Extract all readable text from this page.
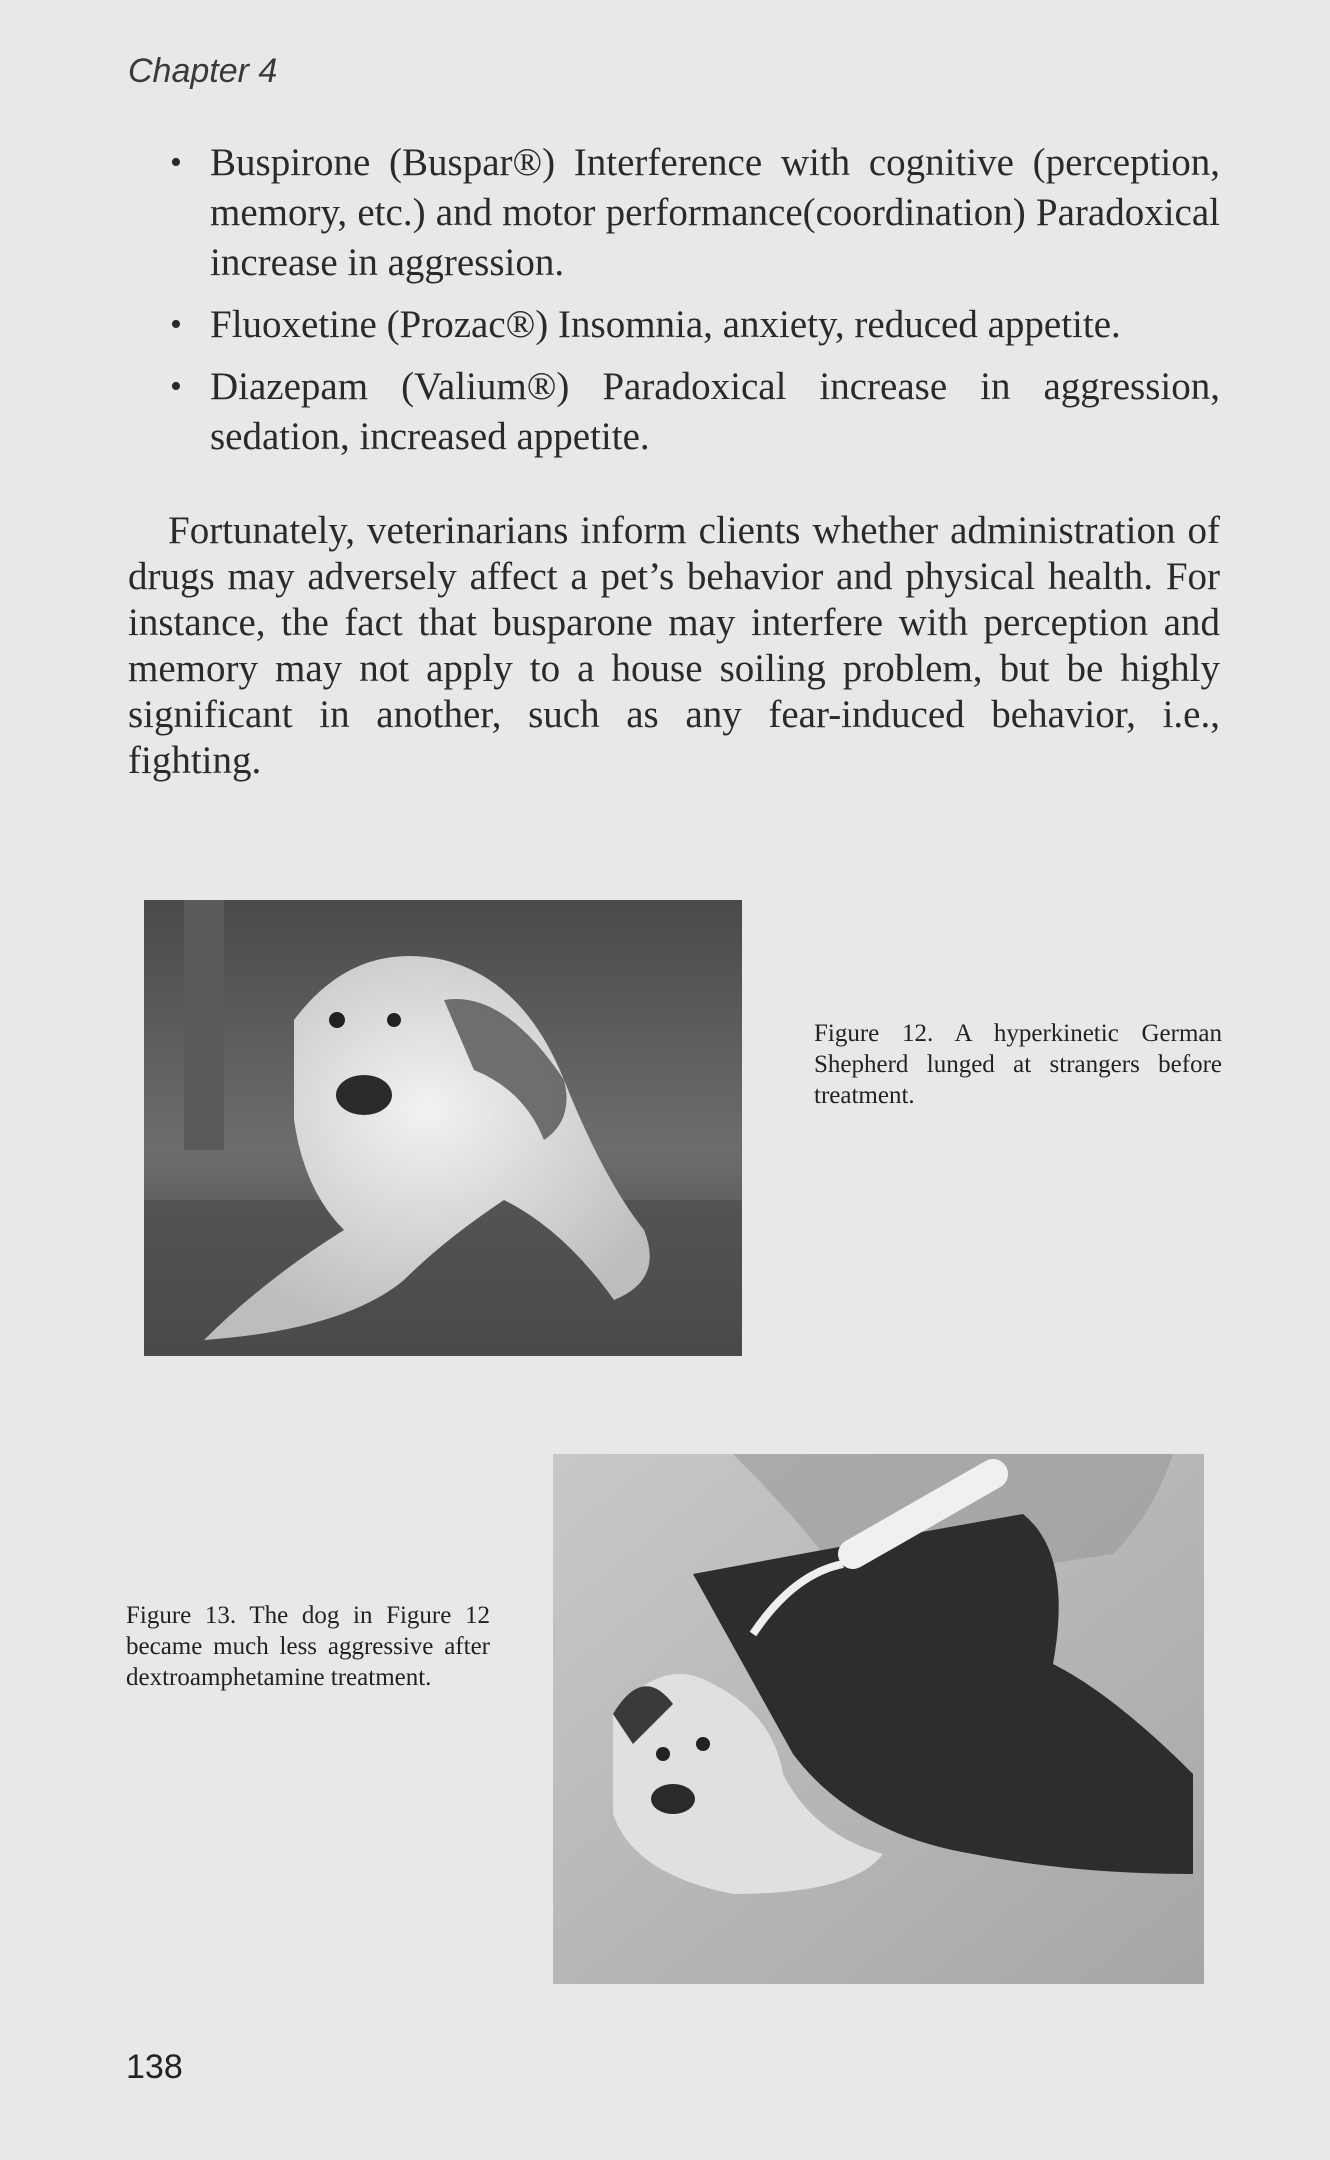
Chapter 4
• Buspirone (Buspar®) Interference with cognitive (perception, memory, etc.) and motor performance(coordination) Paradoxical increase in aggression.
• Fluoxetine (Prozac®) Insomnia, anxiety, reduced appetite.
• Diazepam (Valium®) Paradoxical increase in aggression, sedation, increased appetite.

Fortunately, veterinarians inform clients whether administration of drugs may adversely affect a pet’s behavior and physical health. For instance, the fact that busparone may interfere with perception and memory may not apply to a house soiling problem, but be highly significant in another, such as any fear-induced behavior, i.e., fighting.

Figure 12. A hyperkinetic German Shepherd lunged at strangers before treatment.

Figure 13. The dog in Figure 12 became much less aggressive after dextroamphetamine treatment.

138
